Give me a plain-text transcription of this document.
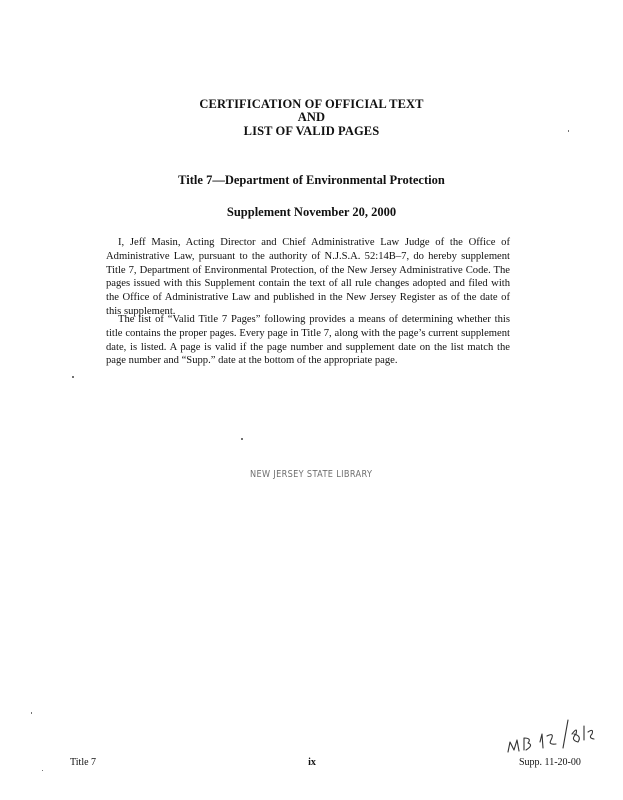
CERTIFICATION OF OFFICIAL TEXT
AND
LIST OF VALID PAGES
Title 7—Department of Environmental Protection
Supplement November 20, 2000
I, Jeff Masin, Acting Director and Chief Administrative Law Judge of the Office of Administrative Law, pursuant to the authority of N.J.S.A. 52:14B–7, do hereby supplement Title 7, Department of Environmental Protection, of the New Jersey Administrative Code. The pages issued with this Supplement contain the text of all rule changes adopted and filed with the Office of Administrative Law and published in the New Jersey Register as of the date of this supplement.
The list of “Valid Title 7 Pages” following provides a means of determining whether this title contains the proper pages. Every page in Title 7, along with the page’s current supplement date, is listed. A page is valid if the page number and supplement date on the list match the page number and “Supp.” date at the bottom of the appropriate page.
NEW JERSEY STATE LIBRARY
Title 7	ix	Supp. 11-20-00
